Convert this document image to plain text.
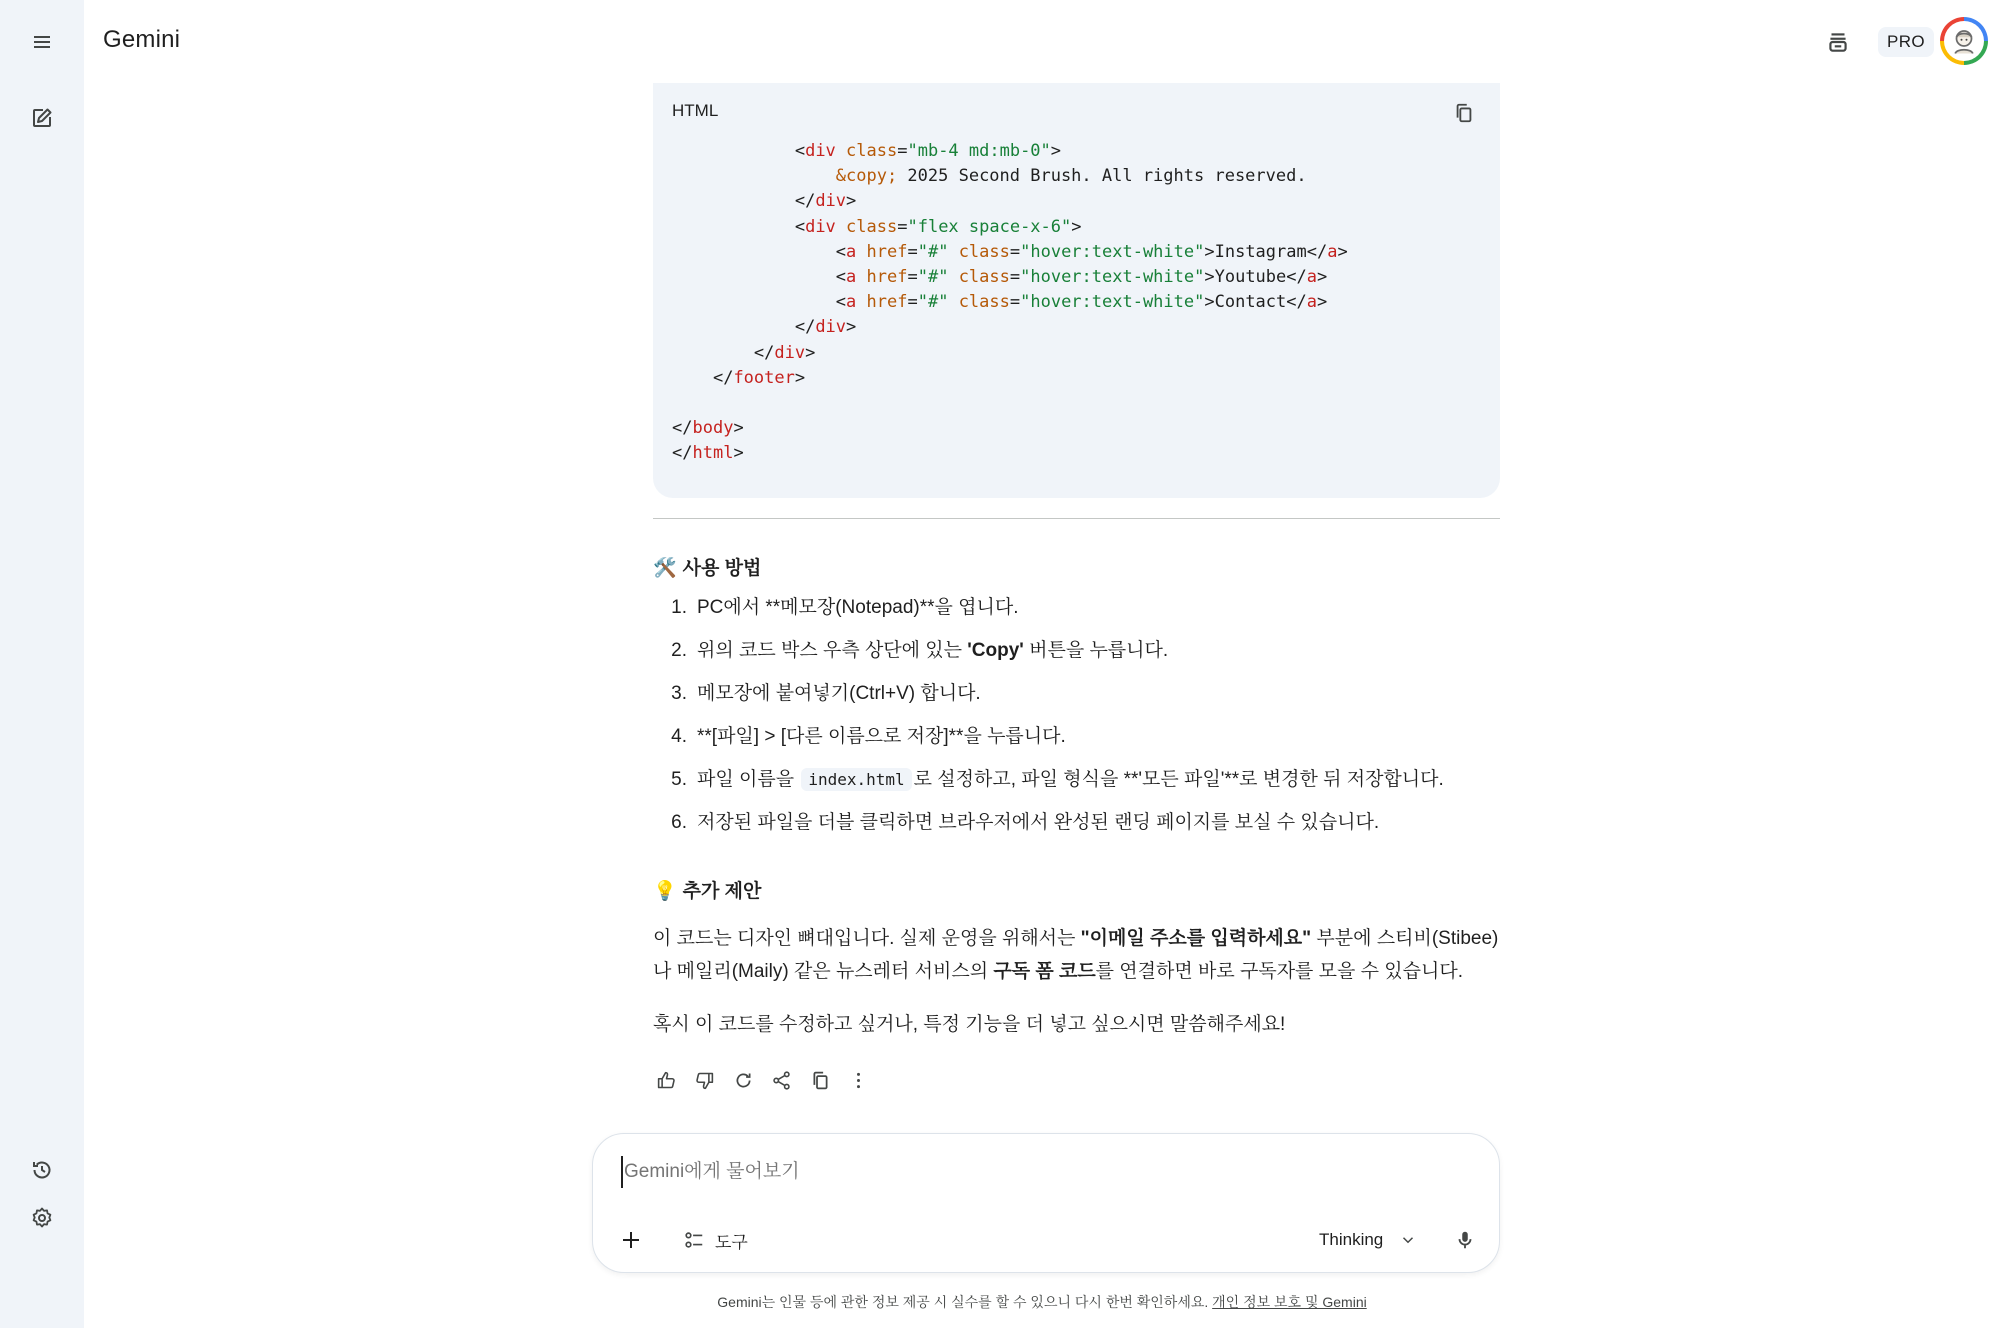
Gemini	PRO
HTML
<div class="mb-4 md:mb-0">
&copy; 2025 Second Brush. All rights reserved.
</div>
<div class="flex space-x-6">
<a href="#" class="hover:text-white">Instagram</a>
<a href="#" class="hover:text-white">Youtube</a>
<a href="#" class="hover:text-white">Contact</a>
</div>
</div>
</footer>
</body>
</html>
🛠️ 사용 방법
1. PC에서 **메모장(Notepad)**을 엽니다.
2. 위의 코드 박스 우측 상단에 있는 'Copy' 버튼을 누릅니다.
3. 메모장에 붙여넣기(Ctrl+V) 합니다.
4. **[파일] > [다른 이름으로 저장]**을 누릅니다.
5. 파일 이름을 index.html 로 설정하고, 파일 형식을 **'모든 파일'**로 변경한 뒤 저장합니다.
6. 저장된 파일을 더블 클릭하면 브라우저에서 완성된 랜딩 페이지를 보실 수 있습니다.
💡 추가 제안

이 코드는 디자인 뼈대입니다. 실제 운영을 위해서는 "이메일 주소를 입력하세요" 부분에 스티비(Stibee)나 메일리(Maily) 같은 뉴스레터 서비스의 구독 폼 코드를 연결하면 바로 구독자를 모을 수 있습니다.

혹시 이 코드를 수정하고 싶거나, 특정 기능을 더 넣고 싶으시면 말씀해주세요!

Gemini에게 물어보기
도구	Thinking
Gemini는 인물 등에 관한 정보 제공 시 실수를 할 수 있으니 다시 한번 확인하세요. 개인 정보 보호 및 Gemini
